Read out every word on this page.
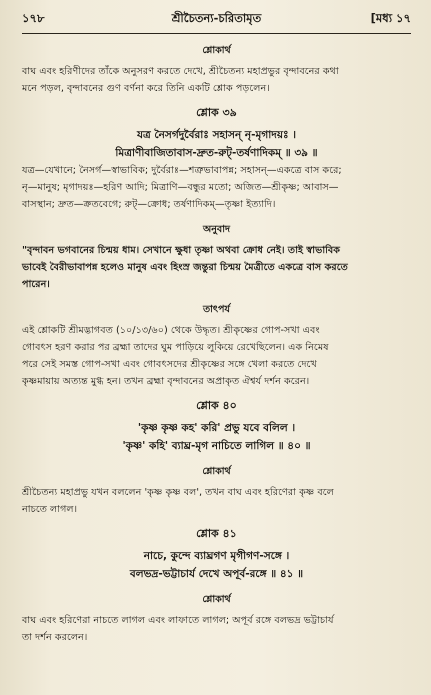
১৭৮	শ্রীচৈতন্য-চরিতামৃত	[মধ্য ১৭
শ্লোকার্থ

বাঘ এবং হরিণীদের তাঁকে অনুসরণ করতে দেখে, শ্রীচৈতন্য মহাপ্রভুর বৃন্দাবনের কথা

মনে পড়ল, বৃন্দাবনের গুণ বর্ণনা করে তিনি একটি শ্লোক পড়লেন।

শ্লোক ৩৯

যত্র নৈসর্গদুর্বৈরাঃ সহাসন্‌ নৃ-মৃগাদয়ঃ ।

মিত্রাণীবাজিতাবাস-দ্রুত-রুট্-তর্ষণাদিকম্‌ ॥ ৩৯ ॥

যত্র—যেখানে; নৈসর্গ—স্বাভাবিক; দুর্বৈরাঃ—শত্রুভাবাপন্ন; সহাসন্‌—একত্রে বাস করে;

নৃ—মানুষ; মৃগাদয়ঃ—হরিণ আদি; মিত্রাণি—বন্ধুর মতো; অজিত—শ্রীকৃষ্ণ; আবাস—

বাসস্থান; দ্রুত—ক্রতবেগে; রুট্—ক্রোধ; তর্ষণাদিকম্‌—তৃষ্ণা ইত্যাদি।

অনুবাদ

"বৃন্দাবন ভগবানের চিন্ময় ধাম। সেখানে ক্ষুধা তৃষ্ণা অথবা ক্রোধ নেই। তাই স্বাভাবিক

ভাবেই বৈরীভাবাপন্ন হলেও মানুষ এবং হিংস্র জন্তুরা চিন্ময় মৈত্রীতে একত্রে বাস করতে

পারেন।

তাৎপর্য

এই শ্লোকটি শ্রীমদ্ভাগবত (১০/১৩/৬০) থেকে উদ্ধৃত। শ্রীকৃষ্ণের গোপ-সখা এবং

গোবৎস হরণ করার পর ব্রহ্মা তাদের ঘুম পাড়িয়ে লুকিয়ে রেখেছিলেন। এক নিমেষ

পরে সেই সমস্ত গোপ-সখা এবং গোবৎসদের শ্রীকৃষ্ণের সঙ্গে খেলা করতে দেখে

কৃষ্ণমায়ায় অত্যন্ত মুগ্ধ হন। তখন ব্রহ্মা বৃন্দাবনের অপ্রাকৃত ঐশ্বর্য দর্শন করেন।

শ্লোক ৪০

'কৃষ্ণ কৃষ্ণ কহ' করি' প্রভু যবে বলিল ।

'কৃষ্ণ' কহি' ব্যাঘ্র-মৃগ নাচিতে লাগিল ॥ ৪০ ॥

শ্লোকার্থ

শ্রীচৈতন্য মহাপ্রভু যখন বললেন 'কৃষ্ণ কৃষ্ণ বল', তখন বাঘ এবং হরিণেরা কৃষ্ণ বলে

নাচতে লাগল।

শ্লোক ৪১

নাচে, কুন্দে ব্যাঘ্রগণ মৃগীগণ-সঙ্গে ।

বলভদ্র-ভট্টাচার্য দেখে অপূর্ব-রঙ্গে ॥ ৪১ ॥

শ্লোকার্থ

বাঘ এবং হরিণেরা নাচতে লাগল এবং লাফাতে লাগল; অপূর্ব রঙ্গে বলভদ্র ভট্টাচার্য

তা দর্শন করলেন।
